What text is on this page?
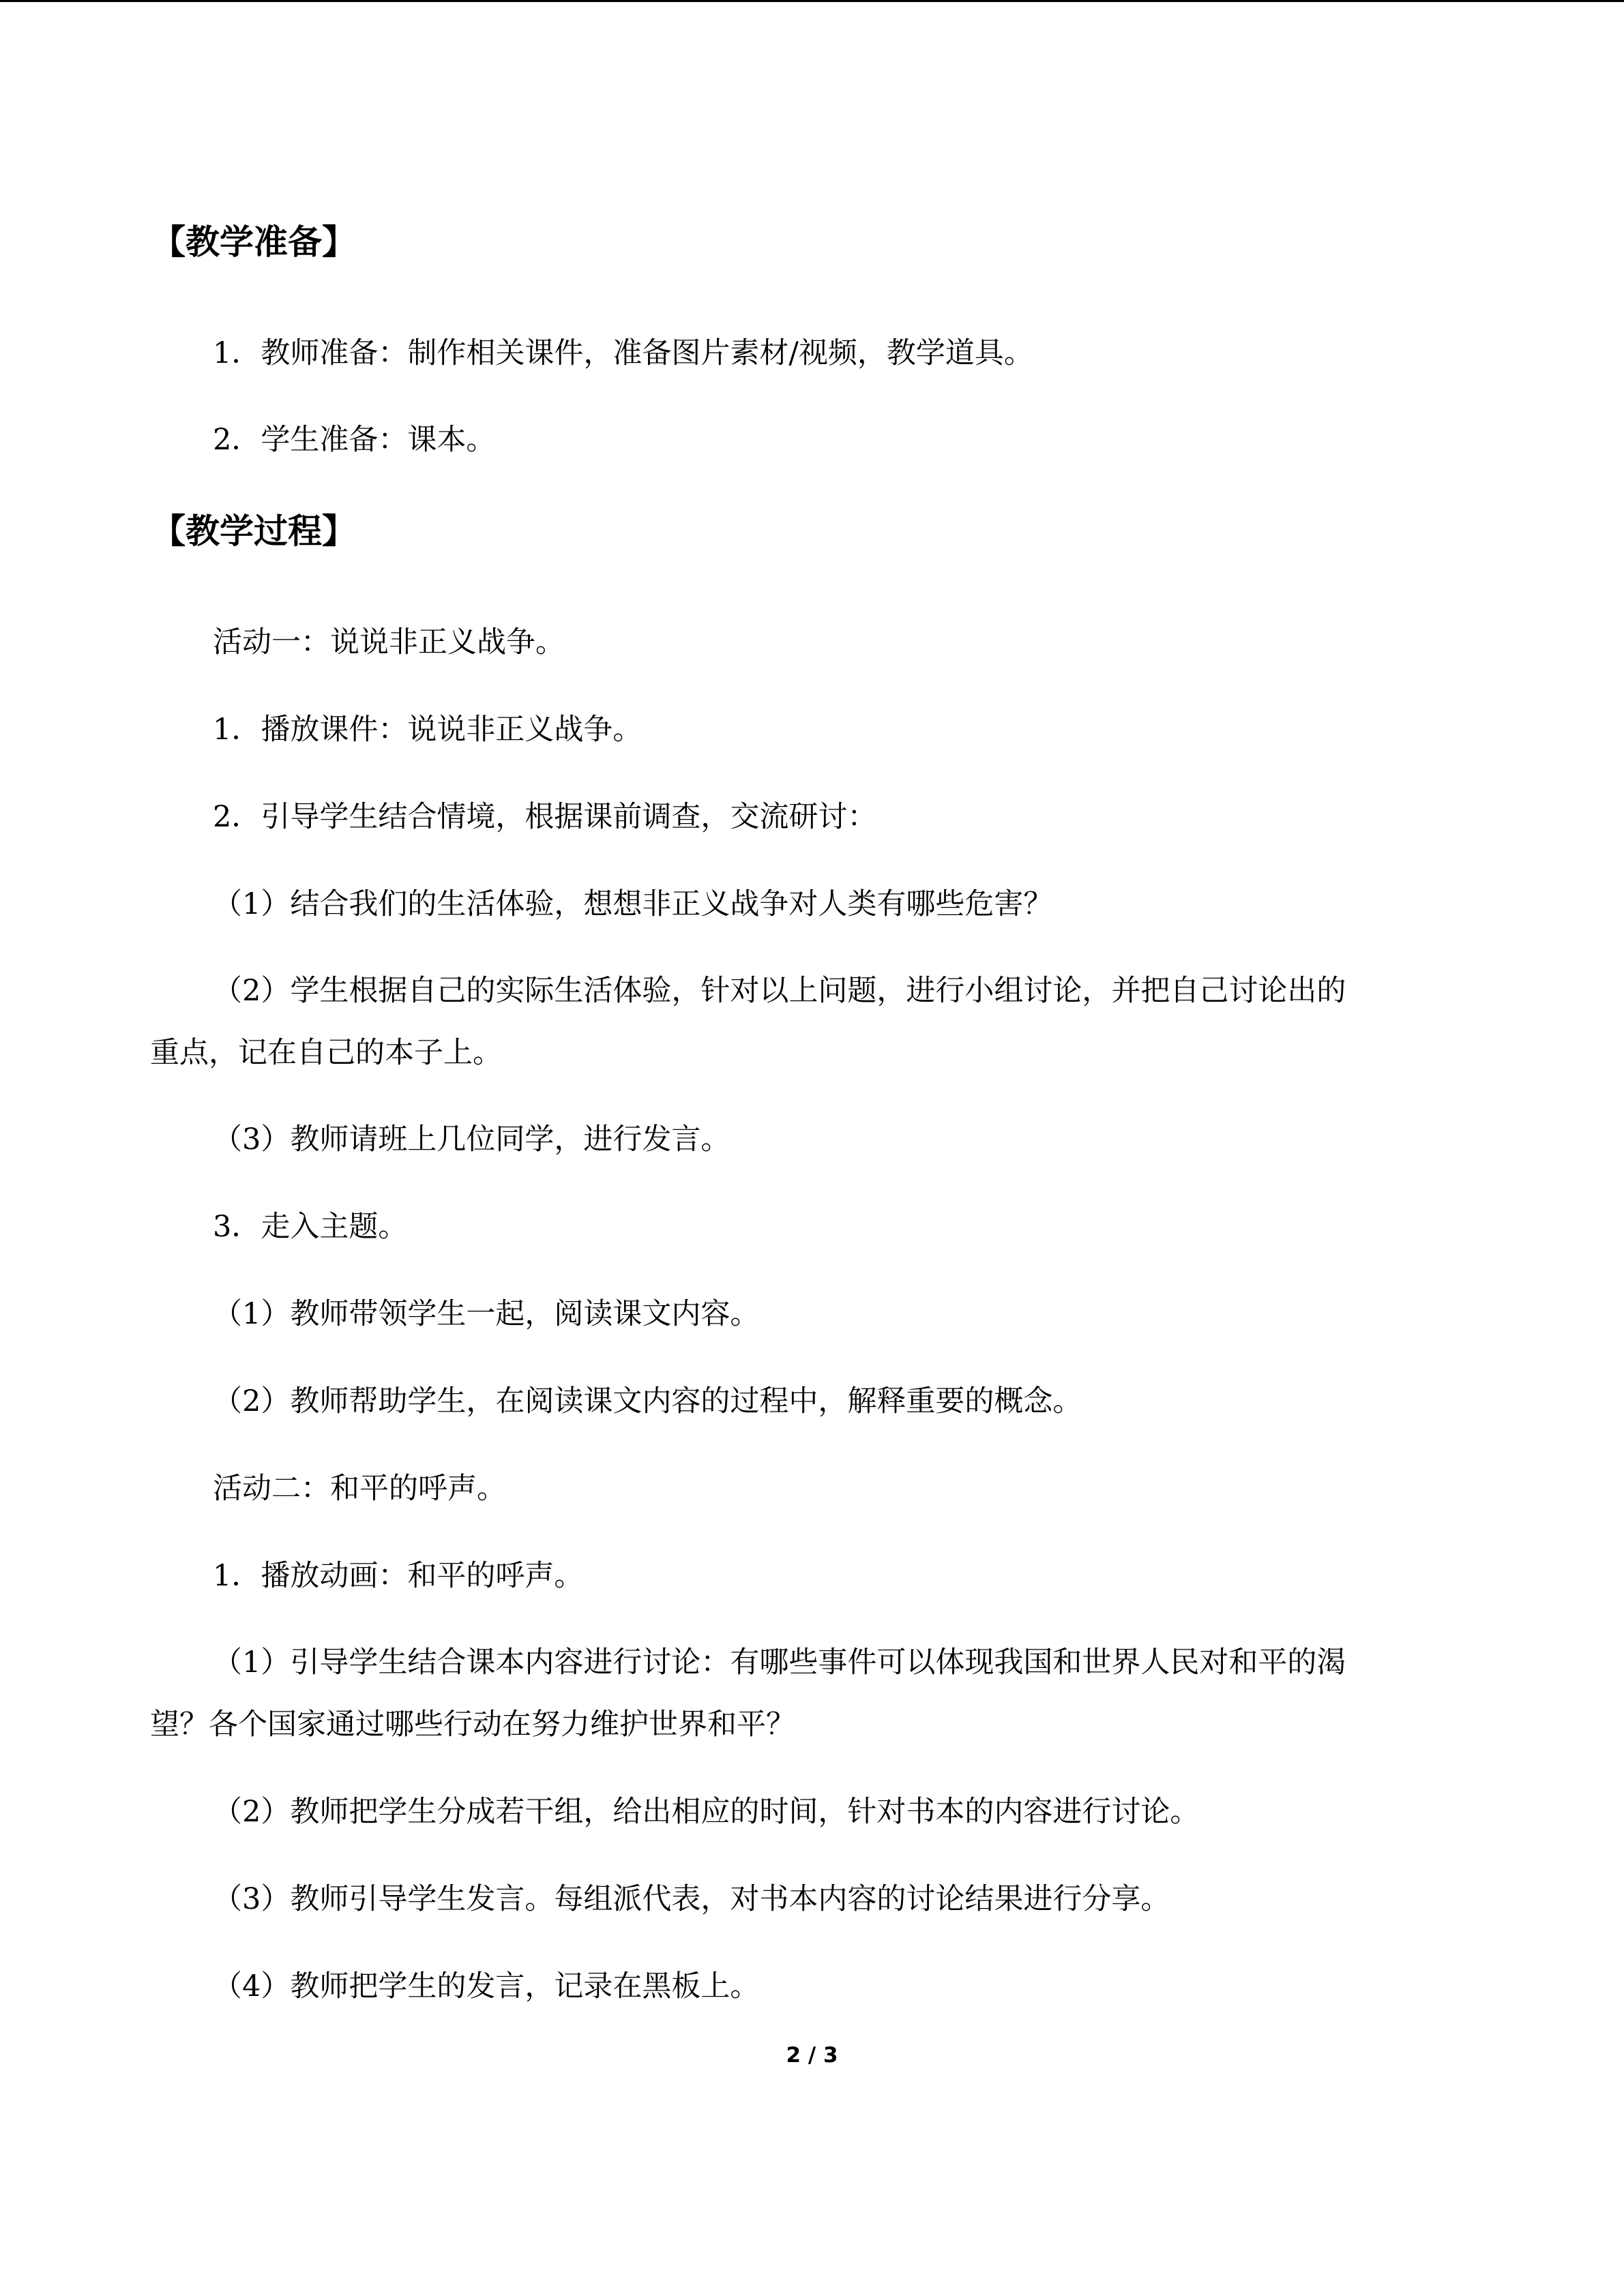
【教学准备】
1．教师准备：制作相关课件，准备图片素材/视频，教学道具。
2．学生准备：课本。
【教学过程】
活动一：说说非正义战争。
1．播放课件：说说非正义战争。
2．引导学生结合情境，根据课前调查，交流研讨：
（1）结合我们的生活体验，想想非正义战争对人类有哪些危害？
（2）学生根据自己的实际生活体验，针对以上问题，进行小组讨论，并把自己讨论出的
重点，记在自己的本子上。
（3）教师请班上几位同学，进行发言。
3．走入主题。
（1）教师带领学生一起，阅读课文内容。
（2）教师帮助学生，在阅读课文内容的过程中，解释重要的概念。
活动二：和平的呼声。
1．播放动画：和平的呼声。
（1）引导学生结合课本内容进行讨论：有哪些事件可以体现我国和世界人民对和平的渴
望？各个国家通过哪些行动在努力维护世界和平？
（2）教师把学生分成若干组，给出相应的时间，针对书本的内容进行讨论。
（3）教师引导学生发言。每组派代表，对书本内容的讨论结果进行分享。
（4）教师把学生的发言，记录在黑板上。
2 / 3
